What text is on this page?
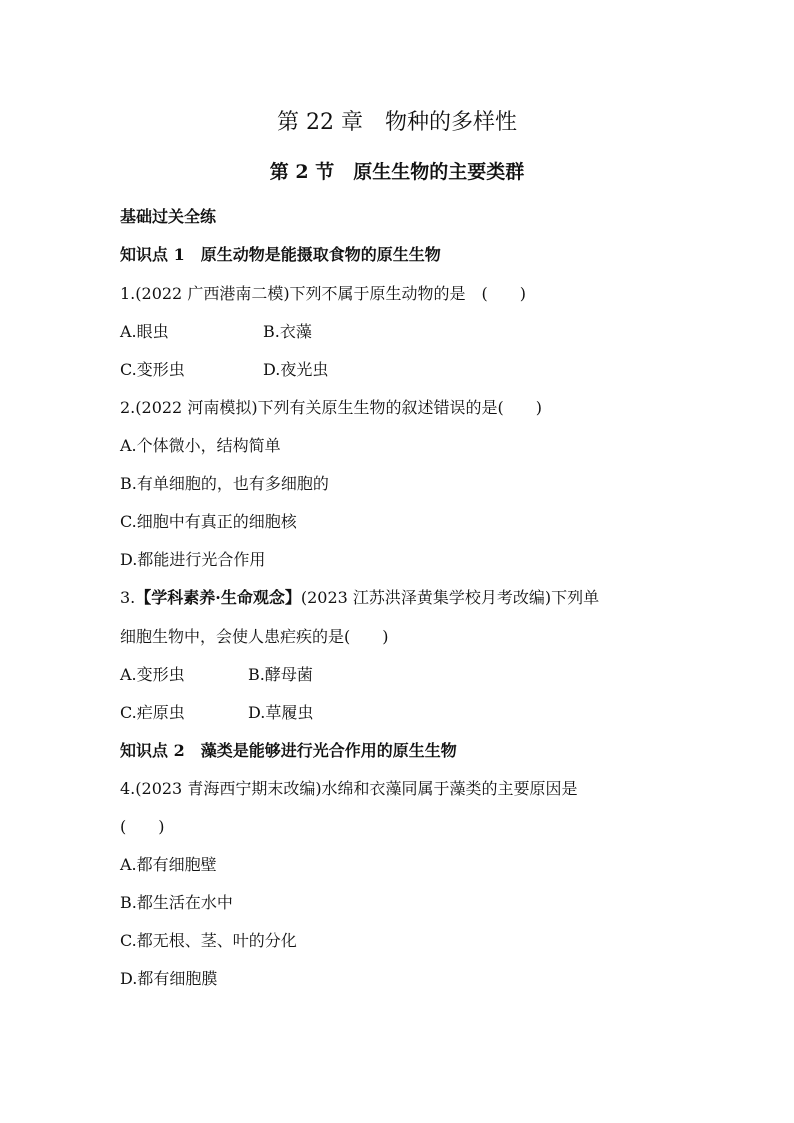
第 22 章　物种的多样性
第 2 节　原生生物的主要类群
基础过关全练
知识点 1　原生动物是能摄取食物的原生生物
1.(2022 广西港南二模)下列不属于原生动物的是　(　　)
A.眼虫	B.衣藻
C.变形虫	D.夜光虫
2.(2022 河南模拟)下列有关原生生物的叙述错误的是(　　)
A.个体微小，结构简单
B.有单细胞的，也有多细胞的
C.细胞中有真正的细胞核
D.都能进行光合作用
3.【学科素养·生命观念】(2023 江苏洪泽黄集学校月考改编)下列单
细胞生物中，会使人患疟疾的是(　　)
A.变形虫	B.酵母菌
C.疟原虫	D.草履虫
知识点 2　藻类是能够进行光合作用的原生生物
4.(2023 青海西宁期末改编)水绵和衣藻同属于藻类的主要原因是
(　　)
A.都有细胞壁
B.都生活在水中
C.都无根、茎、叶的分化
D.都有细胞膜
